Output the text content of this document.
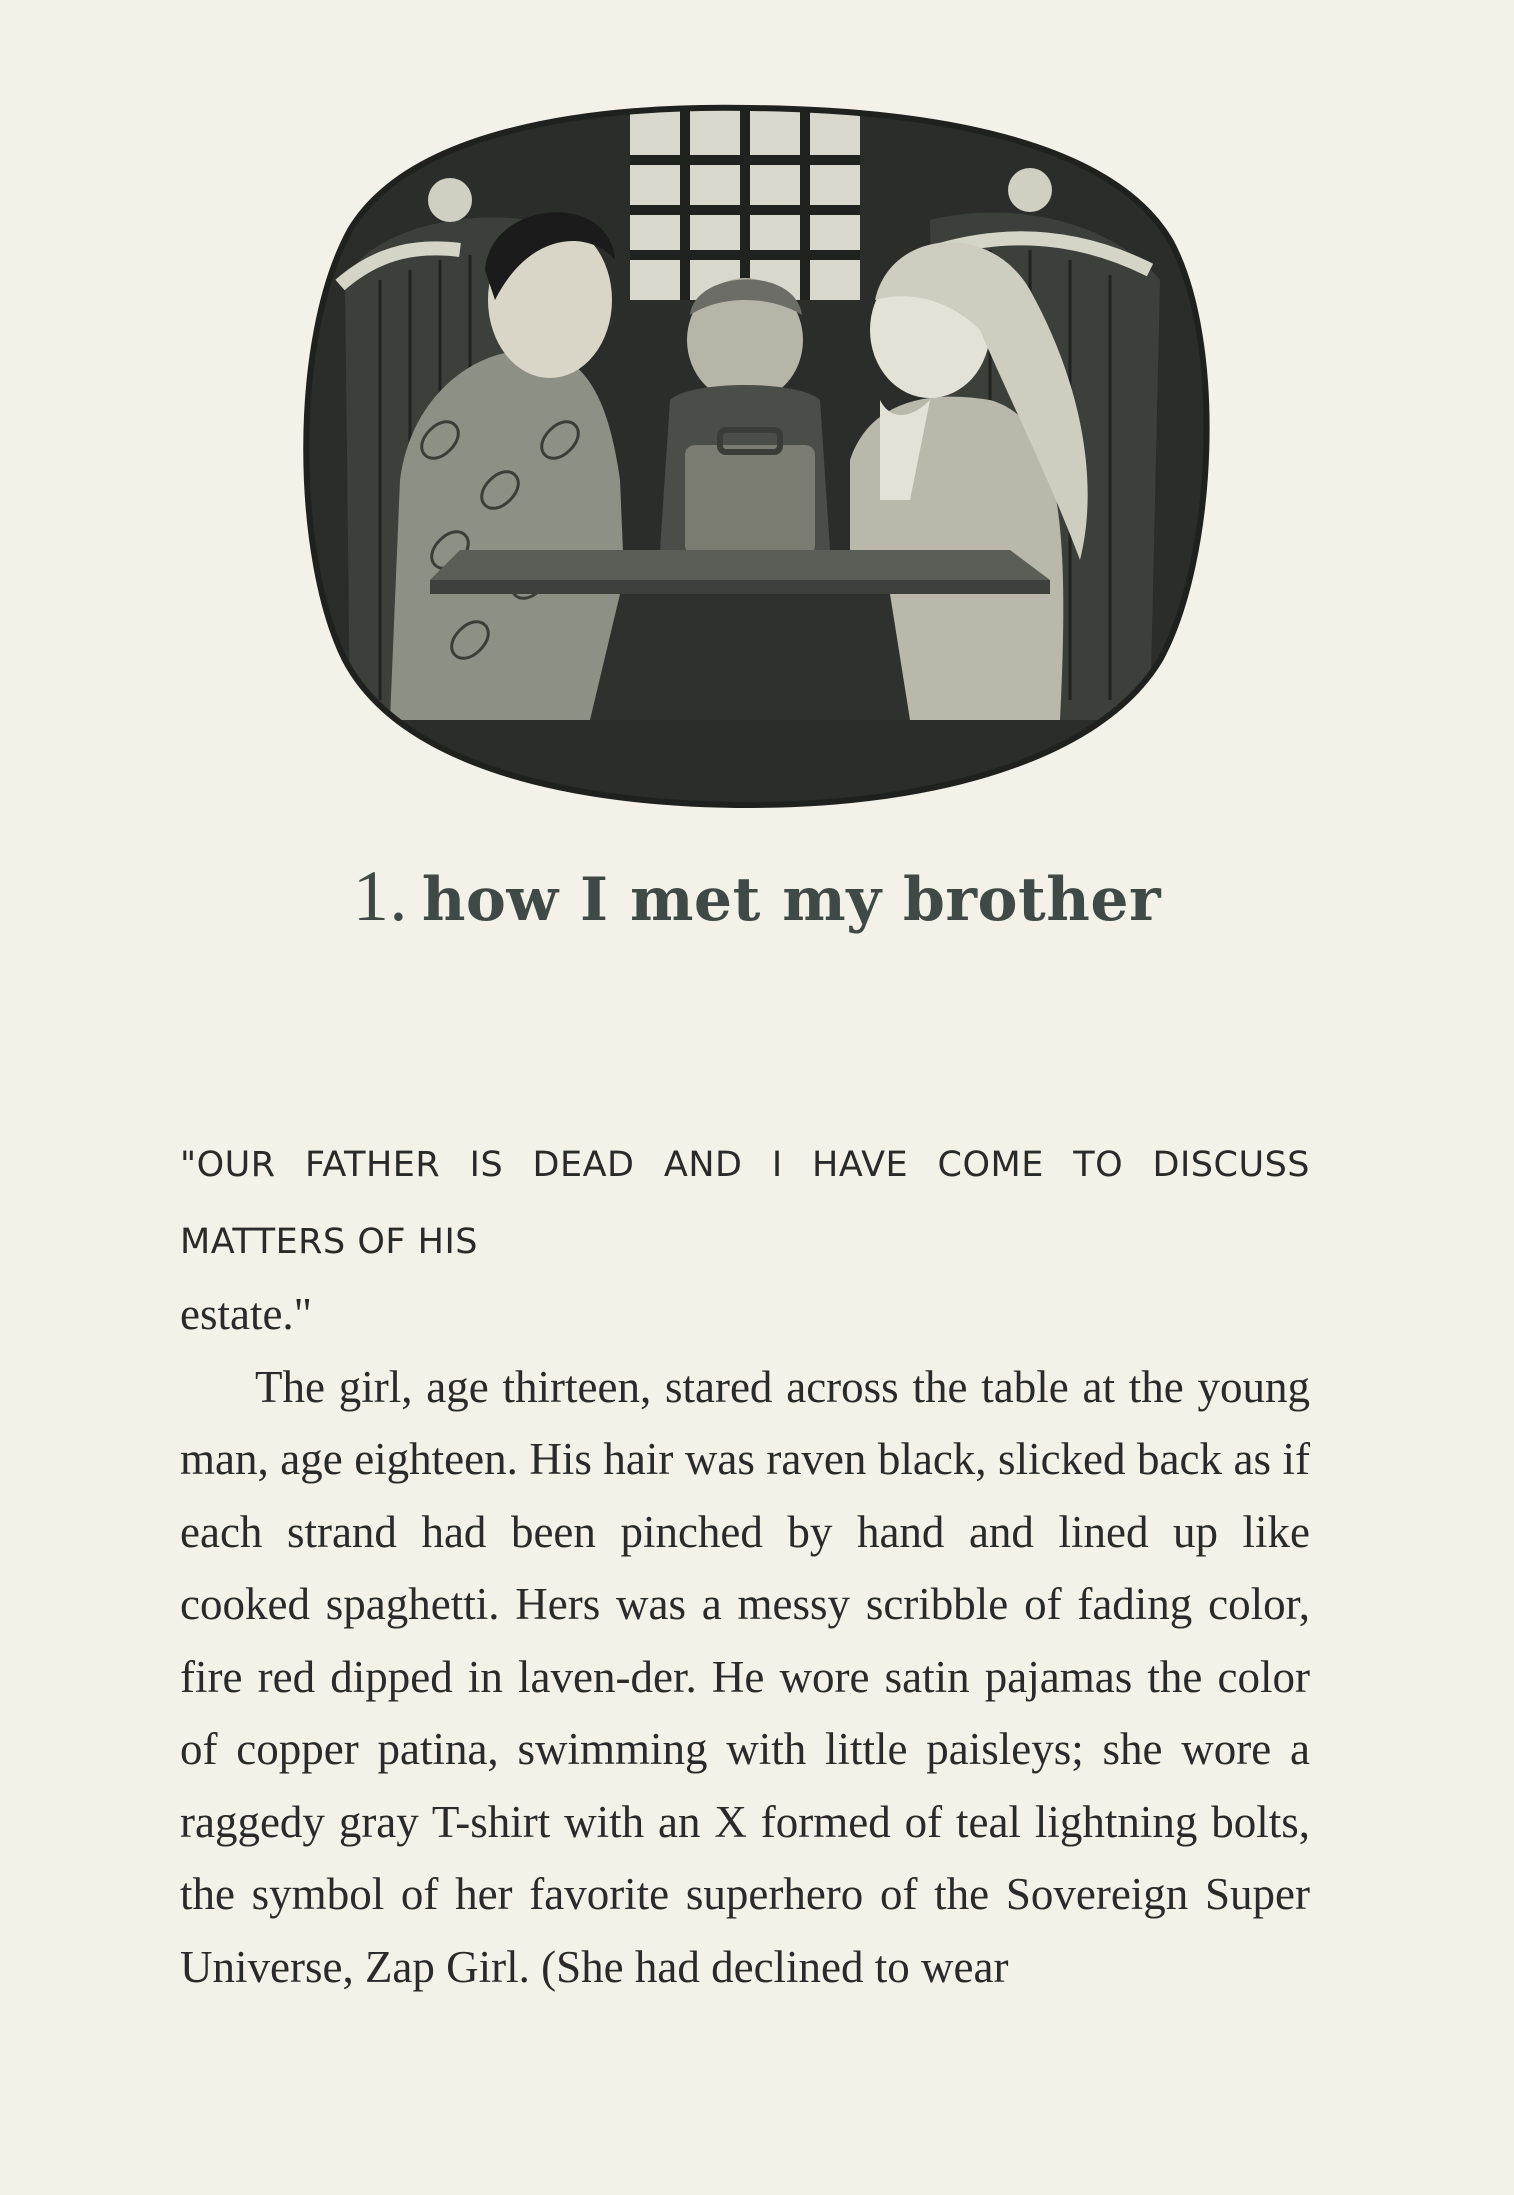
1. how I met my brother

"OUR FATHER IS DEAD AND I HAVE COME TO DISCUSS MATTERS OF HIS
estate."

The girl, age thirteen, stared across the table at the young man, age eighteen. His hair was raven black, slicked back as if each strand had been pinched by hand and lined up like cooked spaghetti. Hers was a messy scribble of fading color, fire red dipped in laven-der. He wore satin pajamas the color of copper patina, swimming with little paisleys; she wore a raggedy gray T-shirt with an X formed of teal lightning bolts, the symbol of her favorite superhero of the Sovereign Super Universe, Zap Girl. (She had declined to wear
